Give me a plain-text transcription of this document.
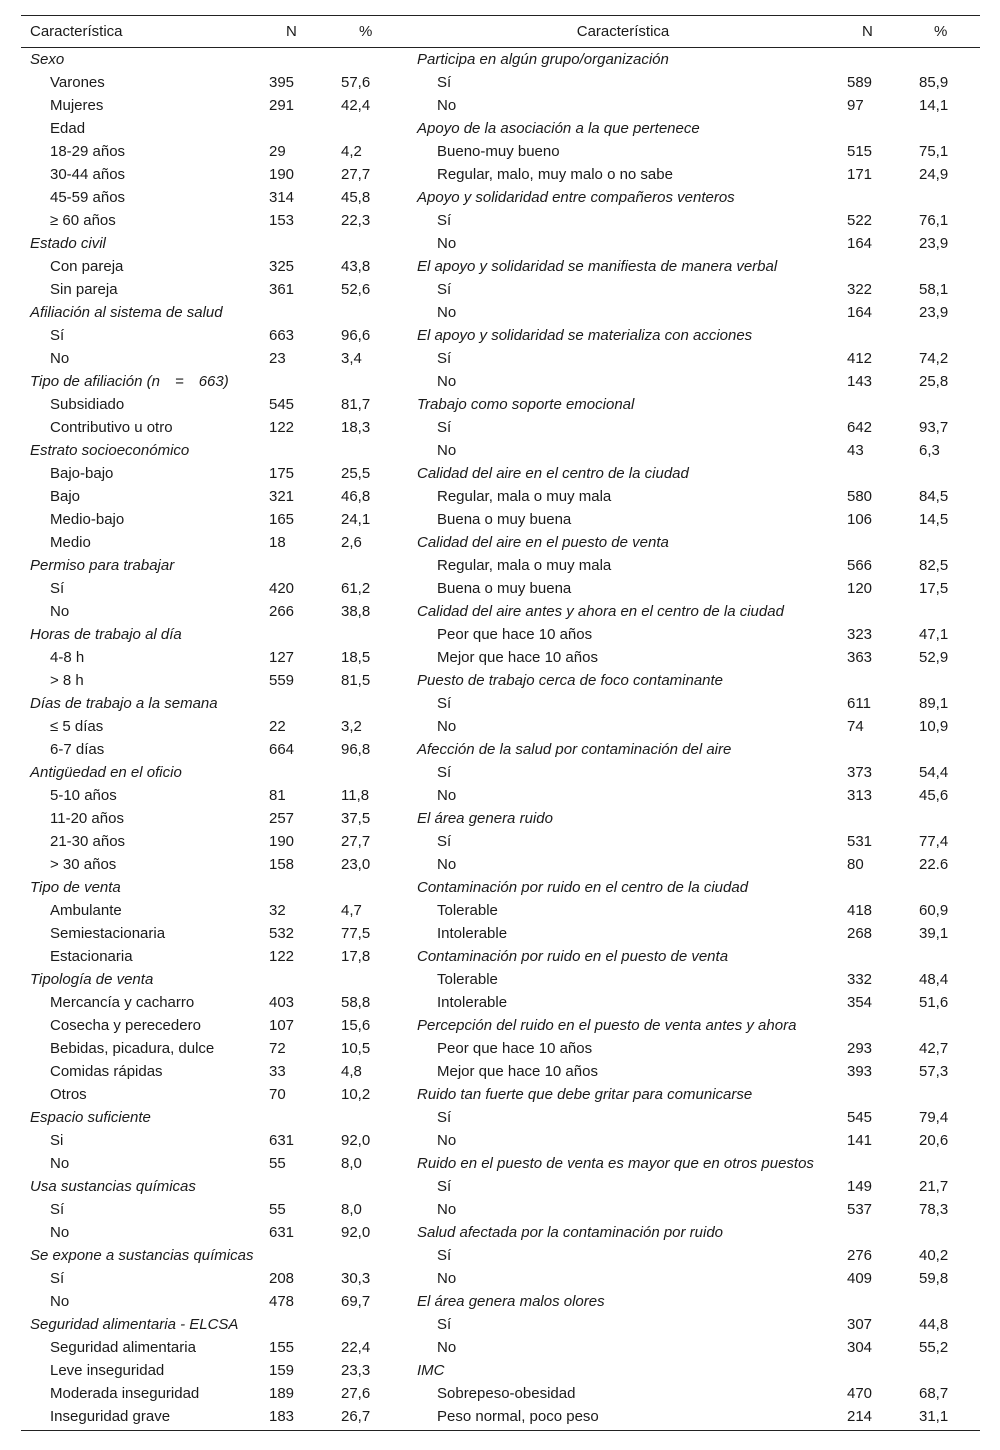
Característica	N	%	Característica	N	%
Sexo			Participa en algún grupo/organización		
Varones	395	57,6	Sí	589	85,9
Mujeres	291	42,4	No	97	14,1
Edad			Apoyo de la asociación a la que pertenece		
18-29 años	29	4,2	Bueno-muy bueno	515	75,1
30-44 años	190	27,7	Regular, malo, muy malo o no sabe	171	24,9
45-59 años	314	45,8	Apoyo y solidaridad entre compañeros venteros		
≥ 60 años	153	22,3	Sí	522	76,1
Estado civil			No	164	23,9
Con pareja	325	43,8	El apoyo y solidaridad se manifiesta de manera verbal		
Sin pareja	361	52,6	Sí	322	58,1
Afiliación al sistema de salud			No	164	23,9
Sí	663	96,6	El apoyo y solidaridad se materializa con acciones		
No	23	3,4	Sí	412	74,2
Tipo de afiliación (n = 663)			No	143	25,8
Subsidiado	545	81,7	Trabajo como soporte emocional		
Contributivo u otro	122	18,3	Sí	642	93,7
Estrato socioeconómico			No	43	6,3
Bajo-bajo	175	25,5	Calidad del aire en el centro de la ciudad		
Bajo	321	46,8	Regular, mala o muy mala	580	84,5
Medio-bajo	165	24,1	Buena o muy buena	106	14,5
Medio	18	2,6	Calidad del aire en el puesto de venta		
Permiso para trabajar			Regular, mala o muy mala	566	82,5
Sí	420	61,2	Buena o muy buena	120	17,5
No	266	38,8	Calidad del aire antes y ahora en el centro de la ciudad		
Horas de trabajo al día			Peor que hace 10 años	323	47,1
4-8 h	127	18,5	Mejor que hace 10 años	363	52,9
> 8 h	559	81,5	Puesto de trabajo cerca de foco contaminante		
Días de trabajo a la semana			Sí	611	89,1
≤ 5 días	22	3,2	No	74	10,9
6-7 días	664	96,8	Afección de la salud por contaminación del aire		
Antigüedad en el oficio			Sí	373	54,4
5-10 años	81	11,8	No	313	45,6
11-20 años	257	37,5	El área genera ruido		
21-30 años	190	27,7	Sí	531	77,4
> 30 años	158	23,0	No	80	22.6
Tipo de venta			Contaminación por ruido en el centro de la ciudad		
Ambulante	32	4,7	Tolerable	418	60,9
Semiestacionaria	532	77,5	Intolerable	268	39,1
Estacionaria	122	17,8	Contaminación por ruido en el puesto de venta		
Tipología de venta			Tolerable	332	48,4
Mercancía y cacharro	403	58,8	Intolerable	354	51,6
Cosecha y perecedero	107	15,6	Percepción del ruido en el puesto de venta antes y ahora		
Bebidas, picadura, dulce	72	10,5	Peor que hace 10 años	293	42,7
Comidas rápidas	33	4,8	Mejor que hace 10 años	393	57,3
Otros	70	10,2	Ruido tan fuerte que debe gritar para comunicarse		
Espacio suficiente			Sí	545	79,4
Si	631	92,0	No	141	20,6
No	55	8,0	Ruido en el puesto de venta es mayor que en otros puestos		
Usa sustancias químicas			Sí	149	21,7
Sí	55	8,0	No	537	78,3
No	631	92,0	Salud afectada por la contaminación por ruido		
Se expone a sustancias químicas			Sí	276	40,2
Sí	208	30,3	No	409	59,8
No	478	69,7	El área genera malos olores		
Seguridad alimentaria - ELCSA			Sí	307	44,8
Seguridad alimentaria	155	22,4	No	304	55,2
Leve inseguridad	159	23,3	IMC		
Moderada inseguridad	189	27,6	Sobrepeso-obesidad	470	68,7
Inseguridad grave	183	26,7	Peso normal, poco peso	214	31,1
